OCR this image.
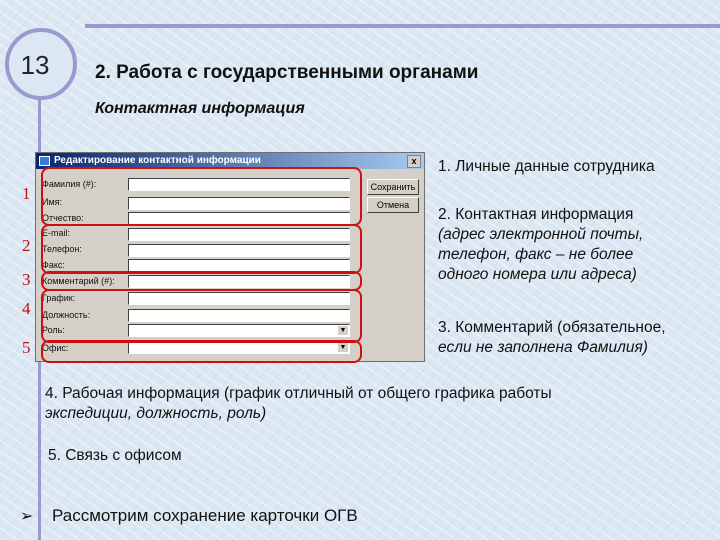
13	2. Работа с государственными органами
Контактная информация
Редактирование контактной информации	x
Фамилия (#):
Имя:
Отчество:
E-mail:
Телефон:
Факс:
Комментарий (#):
График:
Должность:
Роль:	▼
Офис:	▼
Сохранить
Отмена
1
2
3
4
5
1. Личные данные сотрудника
2. Контактная информация
(адрес электронной почты,
телефон, факс – не более
одного номера или адреса)
3. Комментарий (обязательное,
если не заполнена Фамилия)
4. Рабочая информация (график отличный от общего графика работы
экспедиции, должность, роль)
5. Связь с офисом
➢ Рассмотрим сохранение карточки ОГВ
